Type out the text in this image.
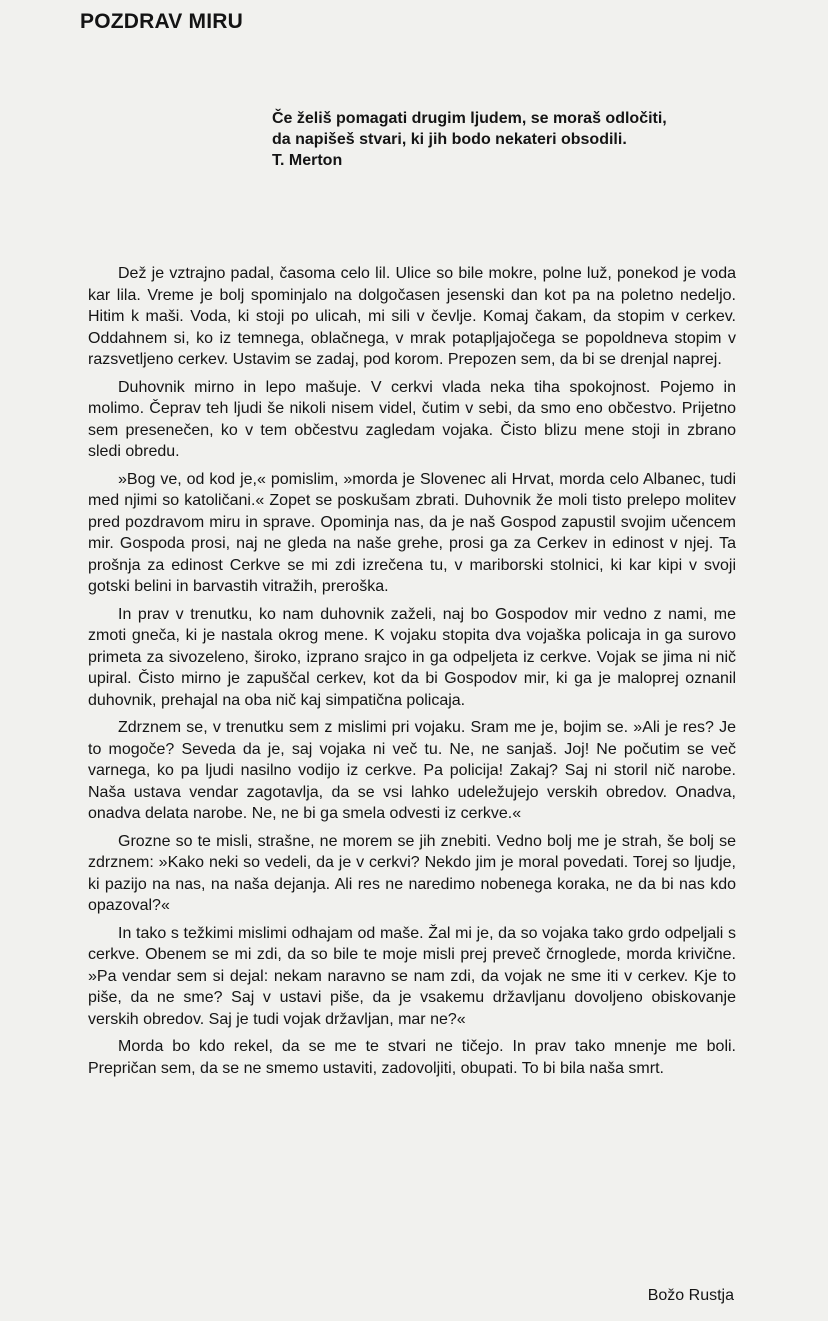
POZDRAV MIRU

Če želiš pomagati drugim ljudem, se moraš odločiti,

da napišeš stvari, ki jih bodo nekateri obsodili.

T. Merton

Dež je vztrajno padal, časoma celo lil. Ulice so bile mokre, polne luž, ponekod je voda kar lila. Vreme je bolj spominjalo na dolgočasen jesenski dan kot pa na poletno nedeljo. Hitim k maši. Voda, ki stoji po ulicah, mi sili v čevlje. Komaj čakam, da stopim v cerkev. Oddahnem si, ko iz temnega, oblačnega, v mrak potapljajočega se popoldneva stopim v razsvetljeno cerkev. Ustavim se zadaj, pod korom. Prepozen sem, da bi se drenjal naprej.

Duhovnik mirno in lepo mašuje. V cerkvi vlada neka tiha spokojnost. Pojemo in molimo. Čeprav teh ljudi še nikoli nisem videl, čutim v sebi, da smo eno občestvo. Prijetno sem presenečen, ko v tem občestvu zagledam vojaka. Čisto blizu mene stoji in zbrano sledi obredu.

»Bog ve, od kod je,« pomislim, »morda je Slovenec ali Hrvat, morda celo Albanec, tudi med njimi so katoličani.« Zopet se poskušam zbrati. Duhovnik že moli tisto prelepo molitev pred pozdravom miru in sprave. Opominja nas, da je naš Gospod zapustil svojim učencem mir. Gospoda prosi, naj ne gleda na naše grehe, prosi ga za Cerkev in edinost v njej. Ta prošnja za edinost Cerkve se mi zdi izrečena tu, v mariborski stolnici, ki kar kipi v svoji gotski belini in barvastih vitražih, preroška.

In prav v trenutku, ko nam duhovnik zaželi, naj bo Gospodov mir vedno z nami, me zmoti gneča, ki je nastala okrog mene. K vojaku stopita dva vojaška policaja in ga surovo primeta za sivozeleno, široko, izprano srajco in ga odpeljeta iz cerkve. Vojak se jima ni nič upiral. Čisto mirno je zapuščal cerkev, kot da bi Gospodov mir, ki ga je maloprej oznanil duhovnik, prehajal na oba nič kaj simpatična policaja.

Zdrznem se, v trenutku sem z mislimi pri vojaku. Sram me je, bojim se. »Ali je res? Je to mogoče? Seveda da je, saj vojaka ni več tu. Ne, ne sanjaš. Joj! Ne počutim se več varnega, ko pa ljudi nasilno vodijo iz cerkve. Pa policija! Zakaj? Saj ni storil nič narobe. Naša ustava vendar zagotavlja, da se vsi lahko udeležujejo verskih obredov. Onadva, onadva delata narobe. Ne, ne bi ga smela odvesti iz cerkve.«

Grozne so te misli, strašne, ne morem se jih znebiti. Vedno bolj me je strah, še bolj se zdrznem: »Kako neki so vedeli, da je v cerkvi? Nekdo jim je moral povedati. Torej so ljudje, ki pazijo na nas, na naša dejanja. Ali res ne naredimo nobenega koraka, ne da bi nas kdo opazoval?«

In tako s težkimi mislimi odhajam od maše. Žal mi je, da so vojaka tako grdo odpeljali s cerkve. Obenem se mi zdi, da so bile te moje misli prej preveč črnoglede, morda krivične. »Pa vendar sem si dejal: nekam naravno se nam zdi, da vojak ne sme iti v cerkev. Kje to piše, da ne sme? Saj v ustavi piše, da je vsakemu državljanu dovoljeno obiskovanje verskih obredov. Saj je tudi vojak državljan, mar ne?«

Morda bo kdo rekel, da se me te stvari ne tičejo. In prav tako mnenje me boli. Prepričan sem, da se ne smemo ustaviti, zadovoljiti, obupati. To bi bila naša smrt.

Božo Rustja
